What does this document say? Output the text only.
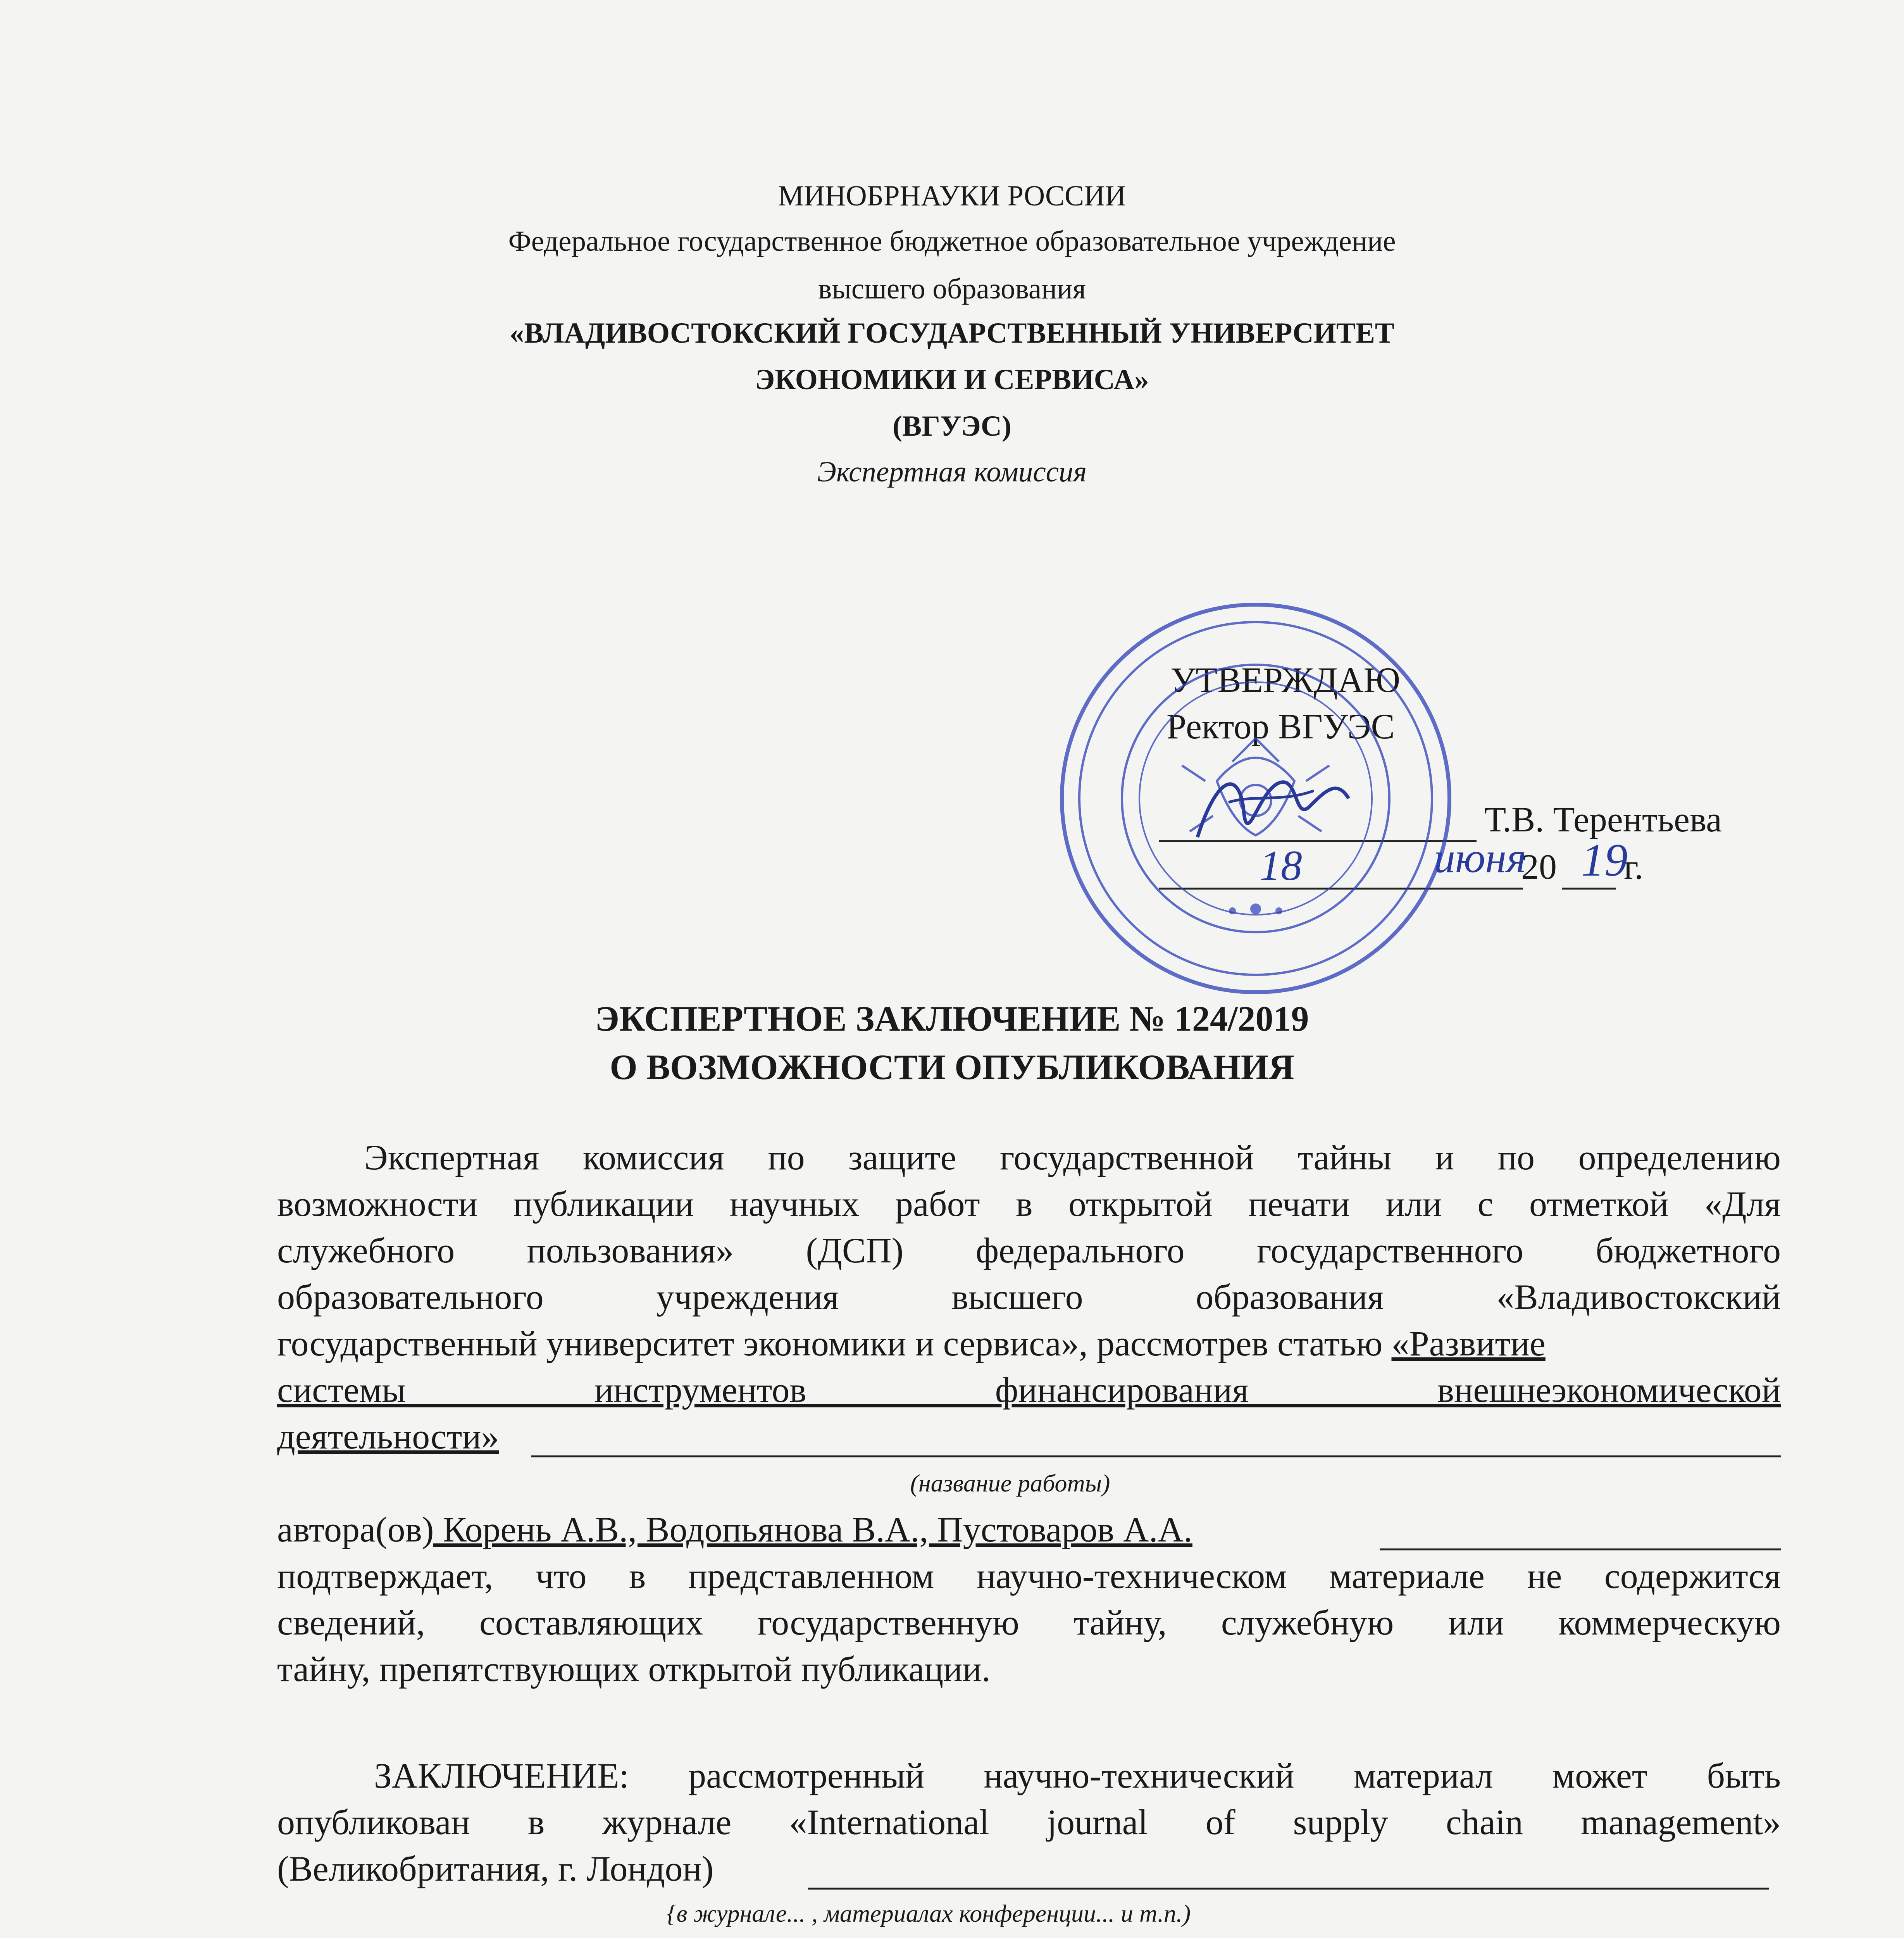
МИНОБРНАУКИ РОССИИ
Федеральное государственное бюджетное образовательное учреждение
высшего образования
«ВЛАДИВОСТОКСКИЙ ГОСУДАРСТВЕННЫЙ УНИВЕРСИТЕТ
ЭКОНОМИКИ И СЕРВИСА»
(ВГУЭС)
Экспертная комиссия
УТВЕРЖДАЮ
Ректор ВГУЭС
Т.В. Терентьева
20 г.
18	июня 19
ЭКСПЕРТНОЕ ЗАКЛЮЧЕНИЕ № 124/2019
О ВОЗМОЖНОСТИ ОПУБЛИКОВАНИЯ
Экспертная комиссия по защите государственной тайны и по определению
возможности публикации научных работ в открытой печати или с отметкой «Для
служебного пользования» (ДСП) федерального государственного бюджетного
образовательного учреждения высшего образования «Владивостокский
государственный университет экономики и сервиса», рассмотрев статью «Развитие
системы инструментов финансирования внешнеэкономической
деятельности»
(название работы)
автора(ов) Корень А.В., Водопьянова В.А., Пустоваров А.А.
подтверждает, что в представленном научно-техническом материале не содержится
сведений, составляющих государственную тайну, служебную или коммерческую
тайну, препятствующих открытой публикации.
ЗАКЛЮЧЕНИЕ: рассмотренный научно-технический материал может быть
опубликован в журнале «International journal of supply chain management»
(Великобритания, г. Лондон)
{в журнале... , материалах конференции... и т.п.)
